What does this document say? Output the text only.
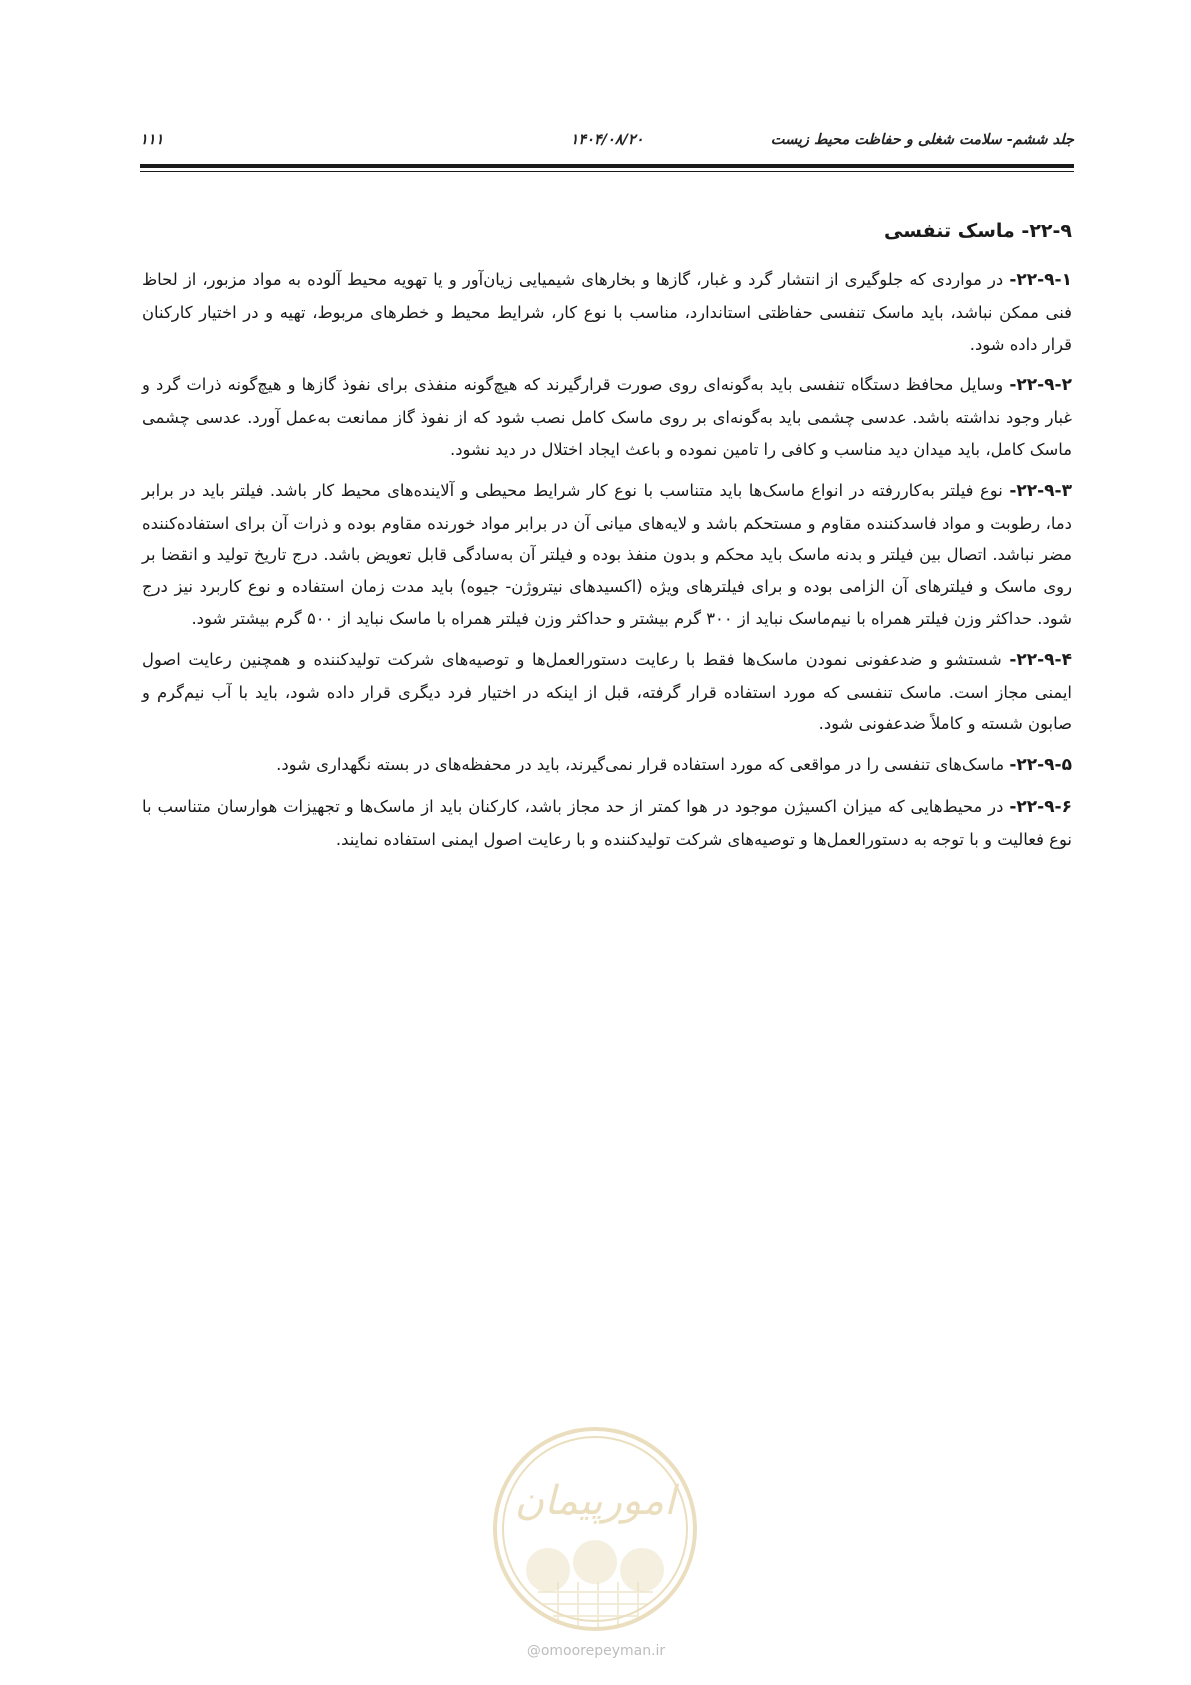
جلد ششم- سلامت شغلی و حفاظت محیط زیست
۱۴۰۴/۰۸/۲۰
۱۱۱
۲۲-۹- ماسک تنفسی

۲۲-۹-۱- در مواردی که جلوگیری از انتشار گرد و غبار، گازها و بخارهای شیمیایی زیان‌آور و یا تهویه محیط آلوده به مواد مزبور، از لحاظ فنی ممکن نباشد، باید ماسک تنفسی حفاظتی استاندارد، مناسب با نوع کار، شرایط محیط و خطرهای مربوط، تهیه و در اختیار کارکنان قرار داده شود.

۲۲-۹-۲- وسایل محافظ دستگاه تنفسی باید به‌گونه‌ای روی صورت قرارگیرند که هیچ‌گونه منفذی برای نفوذ گازها و هیچ‌گونه ذرات گرد و غبار وجود نداشته باشد. عدسی چشمی باید به‌گونه‌ای بر روی ماسک کامل نصب شود که از نفوذ گاز ممانعت به‌عمل آورد. عدسی چشمی ماسک کامل، باید میدان دید مناسب و کافی را تامین نموده و باعث ایجاد اختلال در دید نشود.

۲۲-۹-۳- نوع فیلتر به‌کاررفته در انواع ماسک‌ها باید متناسب با نوع کار شرایط محیطی و آلاینده‌های محیط کار باشد. فیلتر باید در برابر دما، رطوبت و مواد فاسدکننده مقاوم و مستحکم باشد و لایه‌های میانی آن در برابر مواد خورنده مقاوم بوده و ذرات آن برای استفاده‌کننده مضر نباشد. اتصال بین فیلتر و بدنه ماسک باید محکم و بدون منفذ بوده و فیلتر آن به‌سادگی قابل تعویض باشد. درج تاریخ تولید و انقضا بر روی ماسک و فیلترهای آن الزامی بوده و برای فیلترهای ویژه (اکسیدهای نیتروژن- جیوه) باید مدت زمان استفاده و نوع کاربرد نیز درج شود. حداکثر وزن فیلتر همراه با نیم‌ماسک نباید از ۳۰۰ گرم بیشتر و حداکثر وزن فیلتر همراه با ماسک نباید از ۵۰۰ گرم بیشتر شود.

۲۲-۹-۴- شستشو و ضدعفونی نمودن ماسک‌ها فقط با رعایت دستورالعمل‌ها و توصیه‌های شرکت تولیدکننده و همچنین رعایت اصول ایمنی مجاز است. ماسک تنفسی که مورد استفاده قرار گرفته، قبل از اینکه در اختیار فرد دیگری قرار داده شود، باید با آب نیم‌گرم و صابون شسته و کاملاً ضدعفونی شود.

۲۲-۹-۵- ماسک‌های تنفسی را در مواقعی که مورد استفاده قرار نمی‌گیرند، باید در محفظه‌های در بسته نگهداری شود.

۲۲-۹-۶- در محیط‌هایی که میزان اکسیژن موجود در هوا کمتر از حد مجاز باشد، کارکنان باید از ماسک‌ها و تجهیزات هوارسان متناسب با نوع فعالیت و با توجه به دستورالعمل‌ها و توصیه‌های شرکت تولیدکننده و با رعایت اصول ایمنی استفاده نمایند.

امورپیمان
@omoorepeyman.ir
